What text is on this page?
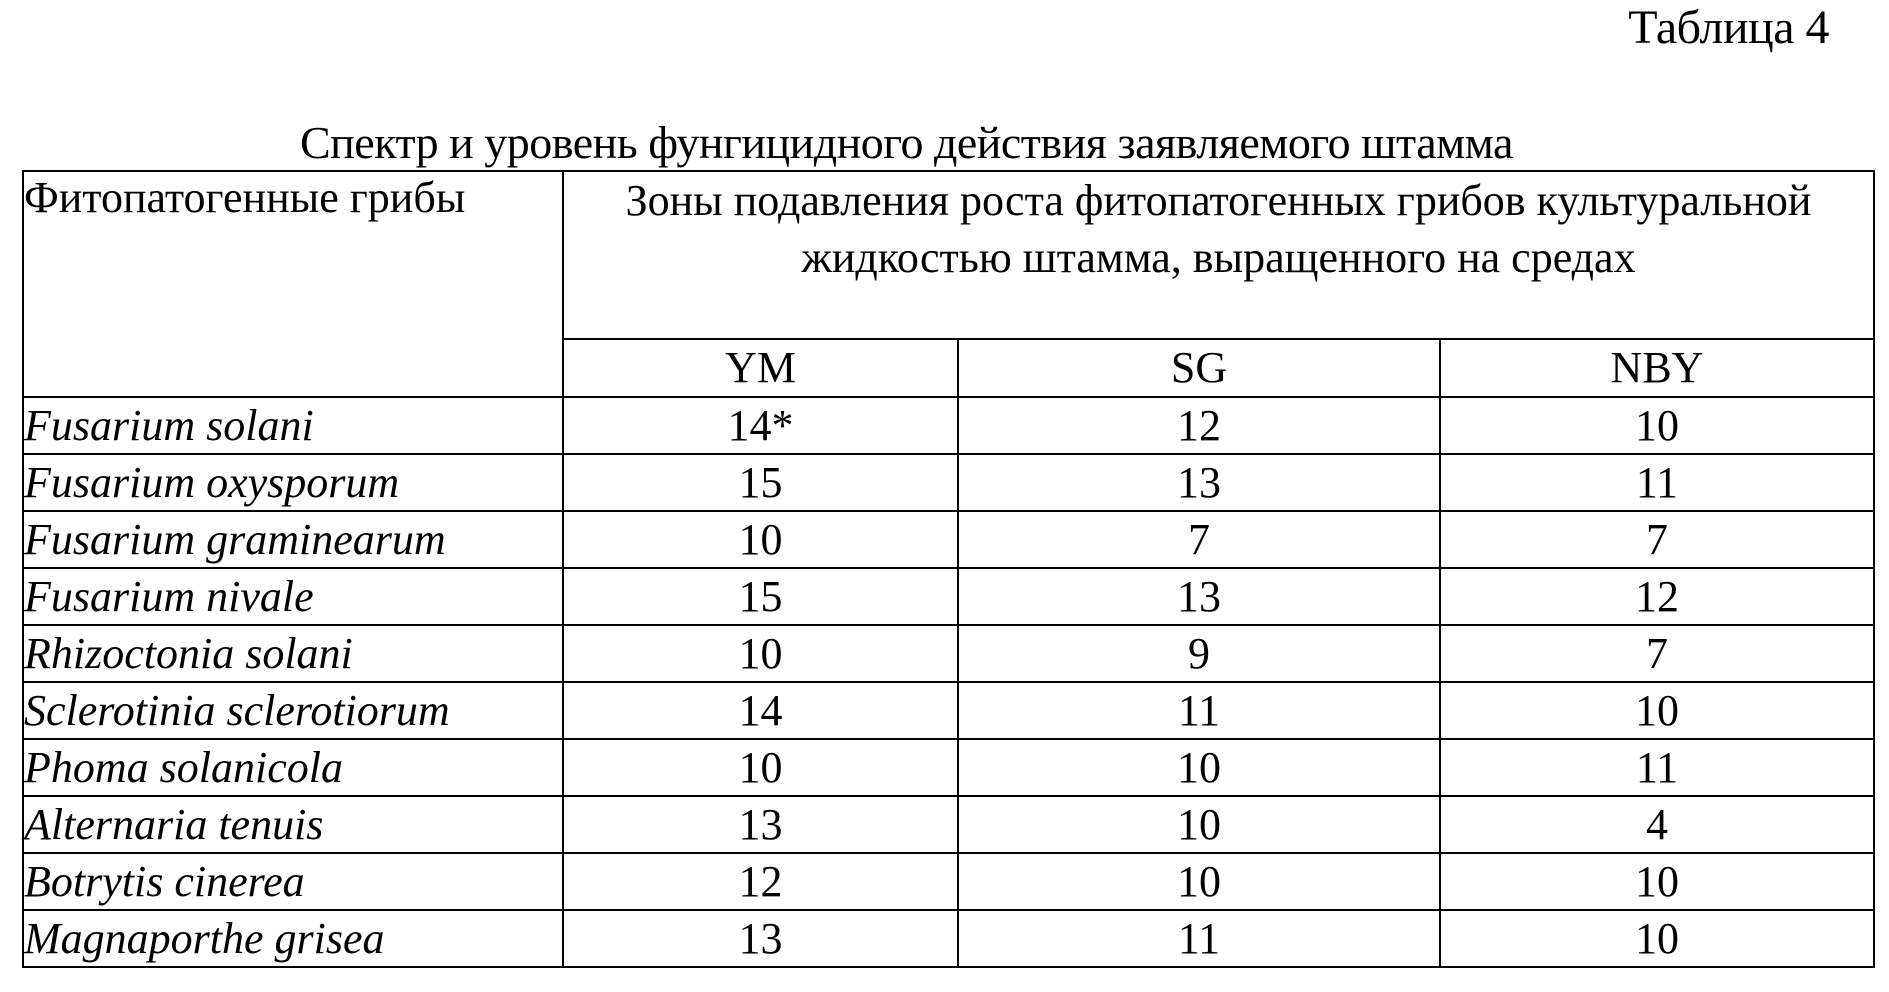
Таблица 4
Спектр и уровень фунгицидного действия заявляемого штамма
Фитопатогенные грибы	Зоны подавления роста фитопатогенных грибов культуральной жидкостью штамма, выращенного на средах		
	YM	SG	NBY
Fusarium solani	14*	12	10
Fusarium oxysporum	15	13	11
Fusarium graminearum	10	7	7
Fusarium nivale	15	13	12
Rhizoctonia solani	10	9	7
Sclerotinia sclerotiorum	14	11	10
Phoma solanicola	10	10	11
Alternaria tenuis	13	10	4
Botrytis cinerea	12	10	10
Magnaporthe grisea	13	11	10
